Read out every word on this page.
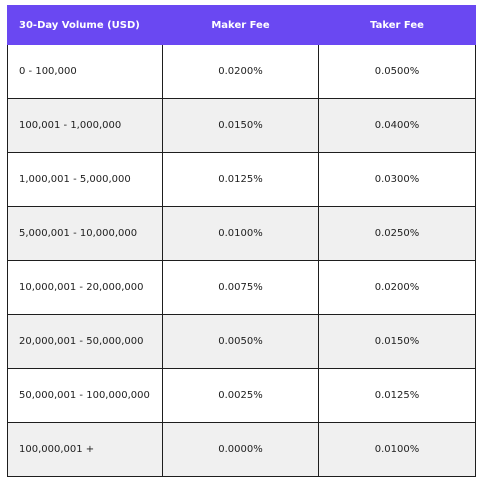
30-Day Volume (USD)	Maker Fee	Taker Fee
0 - 100,000	0.0200%	0.0500%
100,001 - 1,000,000	0.0150%	0.0400%
1,000,001 - 5,000,000	0.0125%	0.0300%
5,000,001 - 10,000,000	0.0100%	0.0250%
10,000,001 - 20,000,000	0.0075%	0.0200%
20,000,001 - 50,000,000	0.0050%	0.0150%
50,000,001 - 100,000,000	0.0025%	0.0125%
100,000,001 +	0.0000%	0.0100%
